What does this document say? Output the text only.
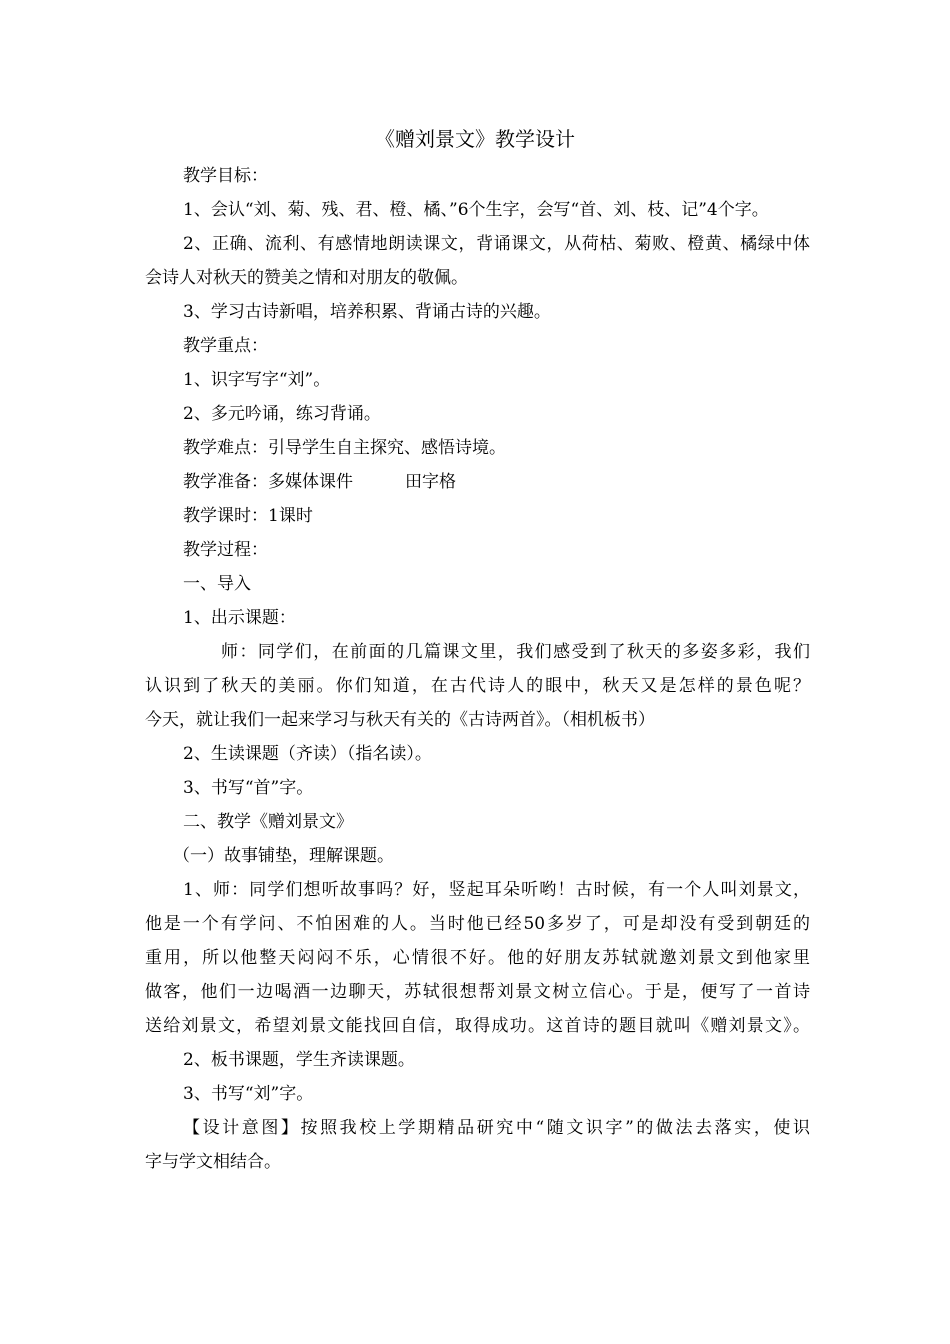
《赠刘景文》教学设计

教学目标：

1、会认“刘、菊、残、君、橙、橘、”6个生字，会写“首、刘、枝、记”4个字。

2、正确、流利、有感情地朗读课文，背诵课文，从荷枯、菊败、橙黄、橘绿中体

会诗人对秋天的赞美之情和对朋友的敬佩。

3、学习古诗新唱，培养积累、背诵古诗的兴趣。

教学重点：

1、识字写字“刘”。

2、多元吟诵，练习背诵。

教学难点：引导学生自主探究、感悟诗境。

教学准备：多媒体课件	田字格

教学课时：1课时

教学过程：

一、导入

1、出示课题：

师：同学们，在前面的几篇课文里，我们感受到了秋天的多姿多彩，我们

认识到了秋天的美丽。你们知道，在古代诗人的眼中，秋天又是怎样的景色呢？

今天，就让我们一起来学习与秋天有关的《古诗两首》。（相机板书）

2、生读课题（齐读）（指名读）。

3、书写“首”字。

二、教学《赠刘景文》

（一）故事铺垫，理解课题。

1、师：同学们想听故事吗？好，竖起耳朵听哟！古时候，有一个人叫刘景文，

他是一个有学问、不怕困难的人。当时他已经50多岁了，可是却没有受到朝廷的

重用，所以他整天闷闷不乐，心情很不好。他的好朋友苏轼就邀刘景文到他家里

做客，他们一边喝酒一边聊天，苏轼很想帮刘景文树立信心。于是，便写了一首诗

送给刘景文，希望刘景文能找回自信，取得成功。这首诗的题目就叫《赠刘景文》。

2、板书课题，学生齐读课题。

3、书写“刘”字。

【设计意图】按照我校上学期精品研究中“随文识字”的做法去落实，使识

字与学文相结合。
